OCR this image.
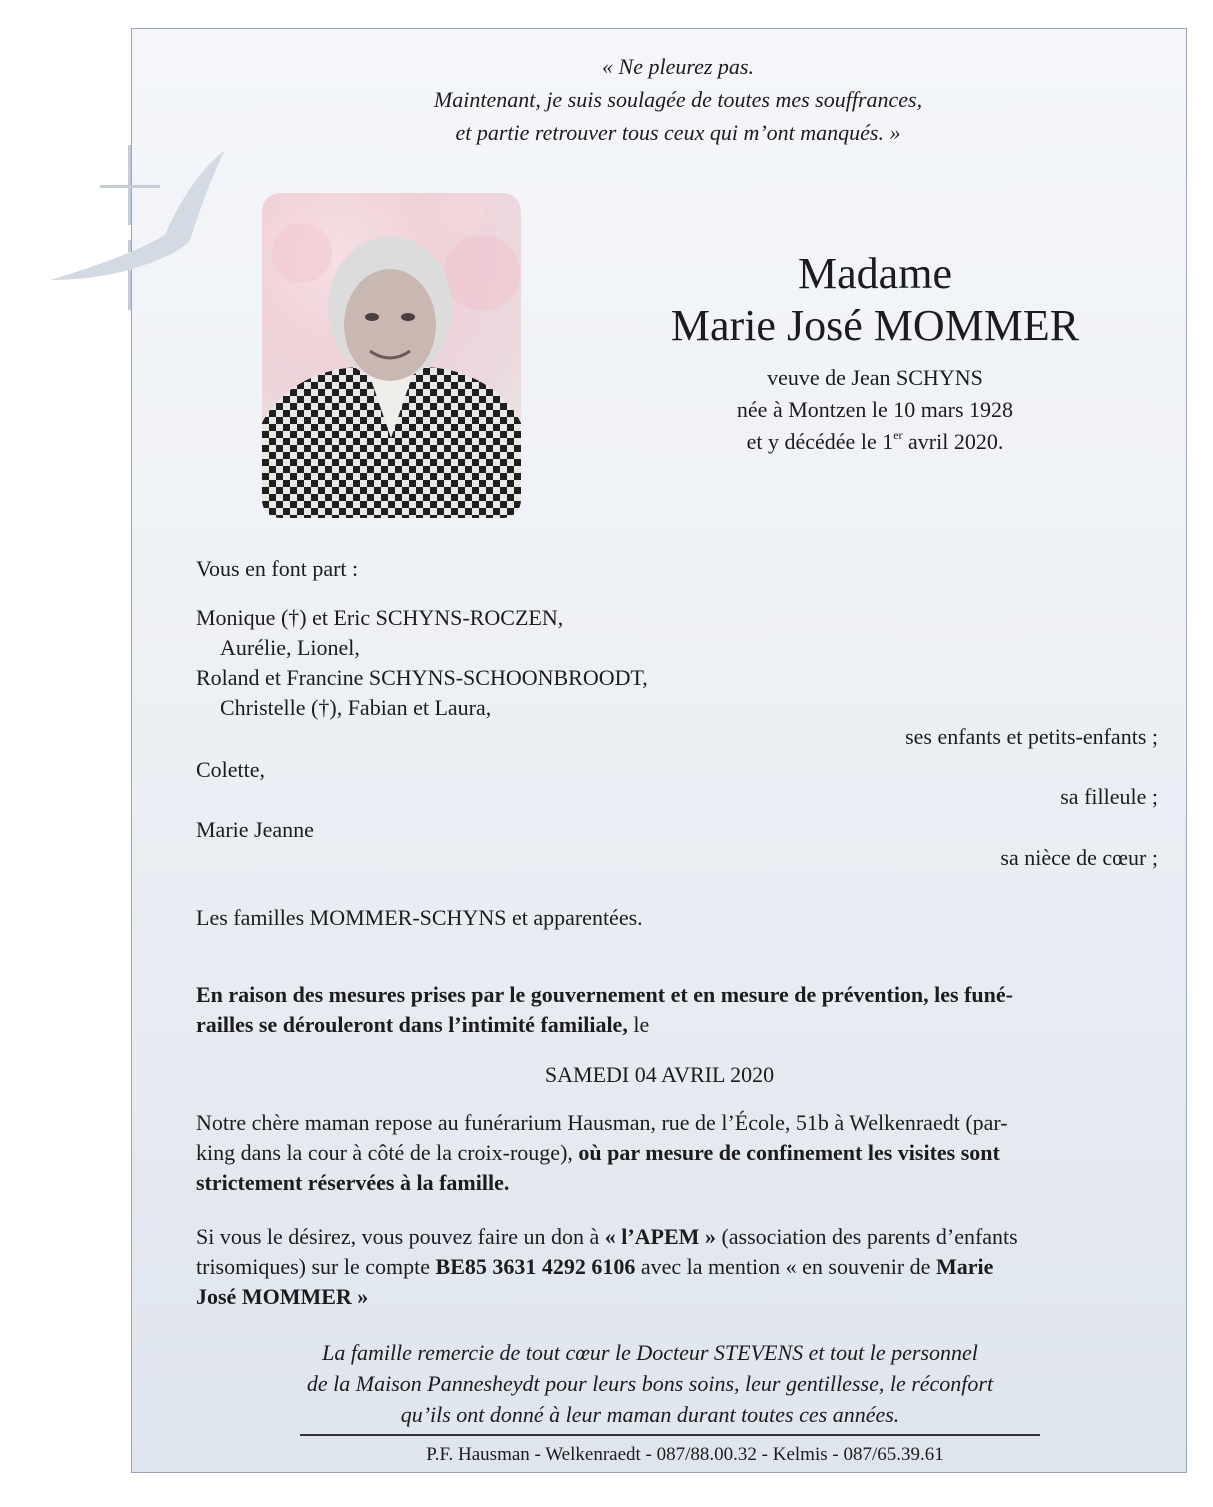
« Ne pleurez pas.
Maintenant, je suis soulagée de toutes mes souffrances,
et partie retrouver tous ceux qui m’ont manqués. »
Madame
Marie José MOMMER
veuve de Jean SCHYNS
née à Montzen le 10 mars 1928
et y décédée le 1er avril 2020.
Vous en font part :
Monique (†) et Eric SCHYNS-ROCZEN,
Aurélie, Lionel,
Roland et Francine SCHYNS-SCHOONBROODT,
Christelle (†), Fabian et Laura,
ses enfants et petits-enfants ;
Colette,
sa filleule ;
Marie Jeanne
sa nièce de cœur ;
Les familles MOMMER-SCHYNS et apparentées.
En raison des mesures prises par le gouvernement et en mesure de prévention, les funé-
railles se dérouleront dans l’intimité familiale, le
SAMEDI 04 AVRIL 2020
Notre chère maman repose au funérarium Hausman, rue de l’École, 51b à Welkenraedt (par-
king dans la cour à côté de la croix-rouge), où par mesure de confinement les visites sont
strictement réservées à la famille.
Si vous le désirez, vous pouvez faire un don à « l’APEM » (association des parents d’enfants
trisomiques) sur le compte BE85 3631 4292 6106 avec la mention « en souvenir de Marie
José MOMMER »
La famille remercie de tout cœur le Docteur STEVENS et tout le personnel
de la Maison Pannesheydt pour leurs bons soins, leur gentillesse, le réconfort
qu’ils ont donné à leur maman durant toutes ces années.
P.F. Hausman - Welkenraedt - 087/88.00.32 - Kelmis - 087/65.39.61
